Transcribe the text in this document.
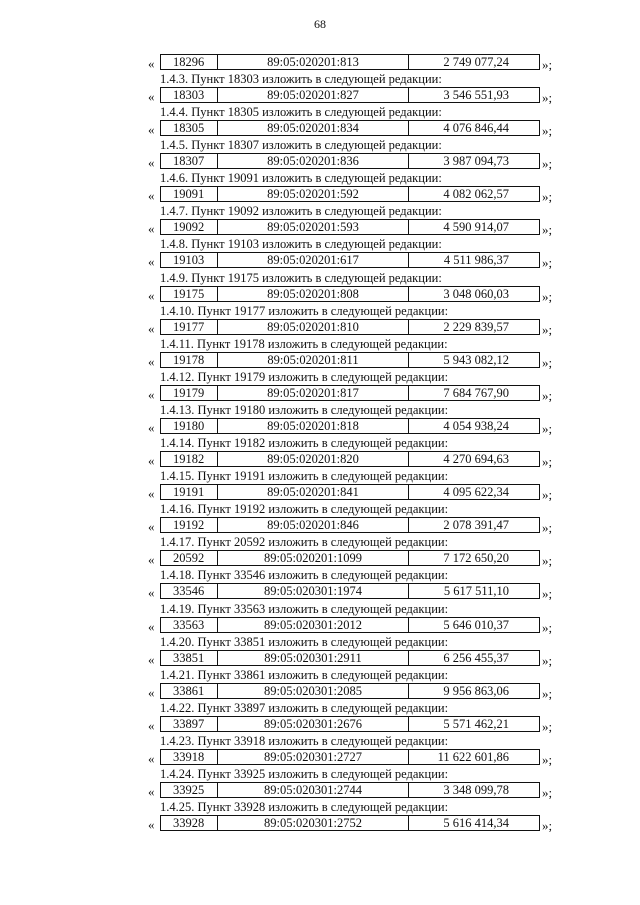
68
«	18296	89:05:020201:813	2 749 077,24	»;
1.4.3. Пункт 18303 изложить в следующей редакции:
«	18303	89:05:020201:827	3 546 551,93	»;
1.4.4. Пункт 18305 изложить в следующей редакции:
«	18305	89:05:020201:834	4 076 846,44	»;
1.4.5. Пункт 18307 изложить в следующей редакции:
«	18307	89:05:020201:836	3 987 094,73	»;
1.4.6. Пункт 19091 изложить в следующей редакции:
«	19091	89:05:020201:592	4 082 062,57	»;
1.4.7. Пункт 19092 изложить в следующей редакции:
«	19092	89:05:020201:593	4 590 914,07	»;
1.4.8. Пункт 19103 изложить в следующей редакции:
«	19103	89:05:020201:617	4 511 986,37	»;
1.4.9. Пункт 19175 изложить в следующей редакции:
«	19175	89:05:020201:808	3 048 060,03	»;
1.4.10. Пункт 19177 изложить в следующей редакции:
«	19177	89:05:020201:810	2 229 839,57	»;
1.4.11. Пункт 19178 изложить в следующей редакции:
«	19178	89:05:020201:811	5 943 082,12	»;
1.4.12. Пункт 19179 изложить в следующей редакции:
«	19179	89:05:020201:817	7 684 767,90	»;
1.4.13. Пункт 19180 изложить в следующей редакции:
«	19180	89:05:020201:818	4 054 938,24	»;
1.4.14. Пункт 19182 изложить в следующей редакции:
«	19182	89:05:020201:820	4 270 694,63	»;
1.4.15. Пункт 19191 изложить в следующей редакции:
«	19191	89:05:020201:841	4 095 622,34	»;
1.4.16. Пункт 19192 изложить в следующей редакции:
«	19192	89:05:020201:846	2 078 391,47	»;
1.4.17. Пункт 20592 изложить в следующей редакции:
«	20592	89:05:020201:1099	7 172 650,20	»;
1.4.18. Пункт 33546 изложить в следующей редакции:
«	33546	89:05:020301:1974	5 617 511,10	»;
1.4.19. Пункт 33563 изложить в следующей редакции:
«	33563	89:05:020301:2012	5 646 010,37	»;
1.4.20. Пункт 33851 изложить в следующей редакции:
«	33851	89:05:020301:2911	6 256 455,37	»;
1.4.21. Пункт 33861 изложить в следующей редакции:
«	33861	89:05:020301:2085	9 956 863,06	»;
1.4.22. Пункт 33897 изложить в следующей редакции:
«	33897	89:05:020301:2676	5 571 462,21	»;
1.4.23. Пункт 33918 изложить в следующей редакции:
«	33918	89:05:020301:2727	11 622 601,86	»;
1.4.24. Пункт 33925 изложить в следующей редакции:
«	33925	89:05:020301:2744	3 348 099,78	»;
1.4.25. Пункт 33928 изложить в следующей редакции:
«	33928	89:05:020301:2752	5 616 414,34	»;
